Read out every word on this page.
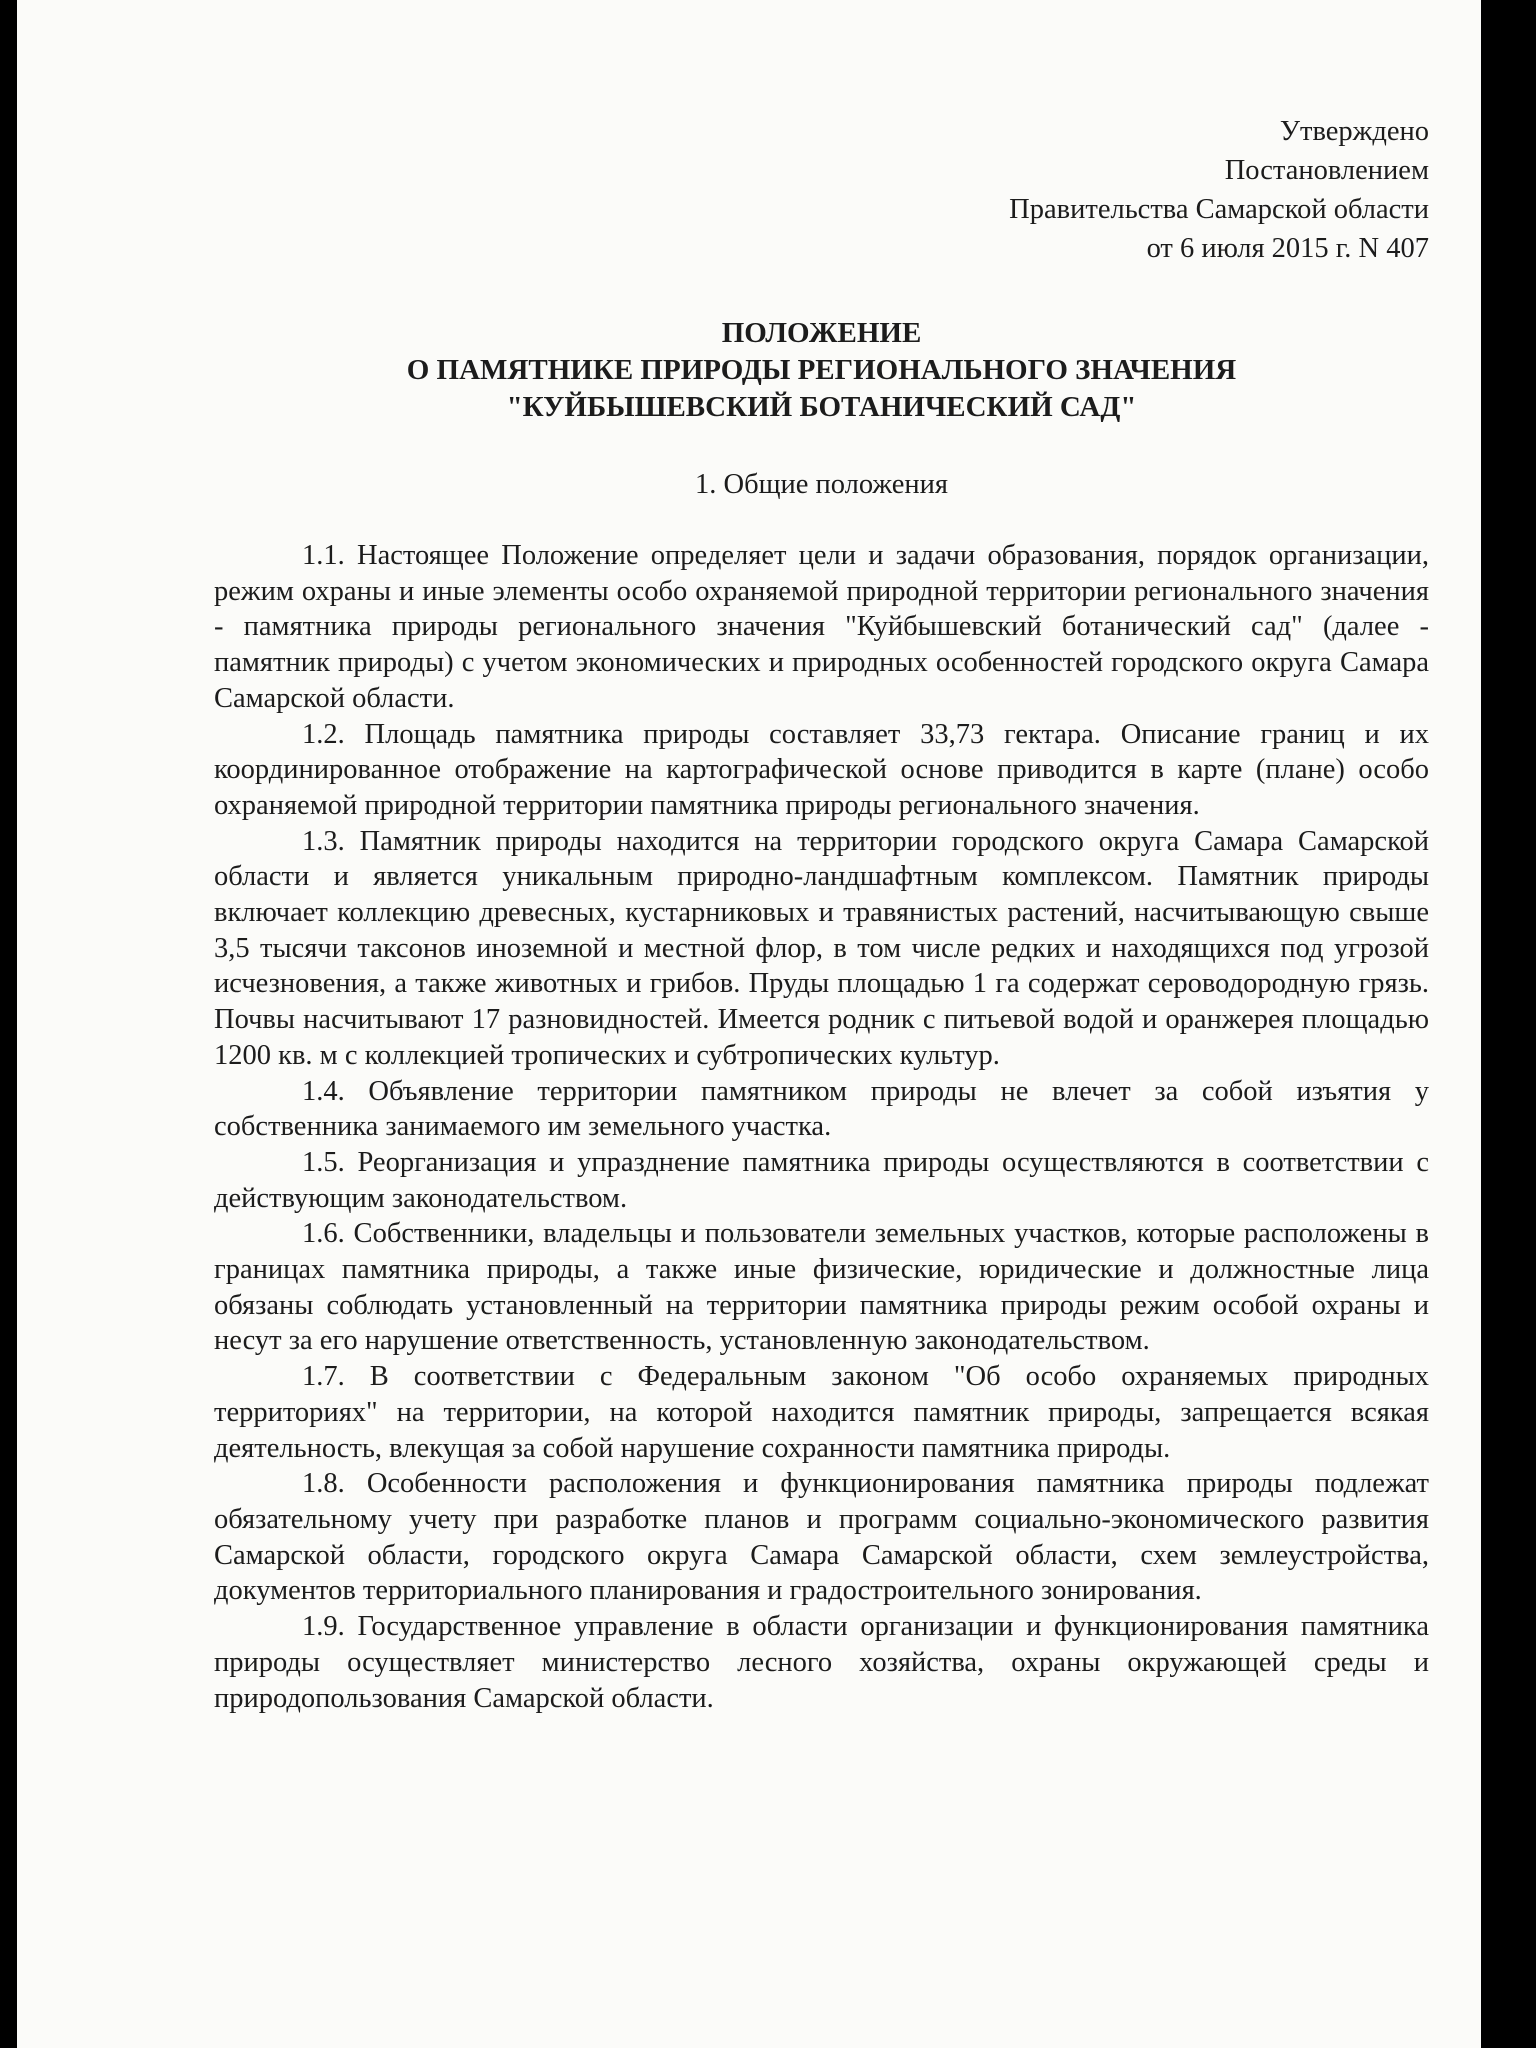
Утверждено
Постановлением
Правительства Самарской области
от 6 июля 2015 г. N 407
ПОЛОЖЕНИЕ
О ПАМЯТНИКЕ ПРИРОДЫ РЕГИОНАЛЬНОГО ЗНАЧЕНИЯ
"КУЙБЫШЕВСКИЙ БОТАНИЧЕСКИЙ САД"
1. Общие положения

1.1. Настоящее Положение определяет цели и задачи образования, порядок организации, режим охраны и иные элементы особо охраняемой природной территории регионального значения - памятника природы регионального значения "Куйбышевский ботанический сад" (далее - памятник природы) с учетом экономических и природных особенностей городского округа Самара Самарской области.

1.2. Площадь памятника природы составляет 33,73 гектара. Описание границ и их координированное отображение на картографической основе приводится в карте (плане) особо охраняемой природной территории памятника природы регионального значения.

1.3. Памятник природы находится на территории городского округа Самара Самарской области и является уникальным природно-ландшафтным комплексом. Памятник природы включает коллекцию древесных, кустарниковых и травянистых растений, насчитывающую свыше 3,5 тысячи таксонов иноземной и местной флор, в том числе редких и находящихся под угрозой исчезновения, а также животных и грибов. Пруды площадью 1 га содержат сероводородную грязь. Почвы насчитывают 17 разновидностей. Имеется родник с питьевой водой и оранжерея площадью 1200 кв. м с коллекцией тропических и субтропических культур.

1.4. Объявление территории памятником природы не влечет за собой изъятия у собственника занимаемого им земельного участка.

1.5. Реорганизация и упразднение памятника природы осуществляются в соответствии с действующим законодательством.

1.6. Собственники, владельцы и пользователи земельных участков, которые расположены в границах памятника природы, а также иные физические, юридические и должностные лица обязаны соблюдать установленный на территории памятника природы режим особой охраны и несут за его нарушение ответственность, установленную законодательством.

1.7. В соответствии с Федеральным законом "Об особо охраняемых природных территориях" на территории, на которой находится памятник природы, запрещается всякая деятельность, влекущая за собой нарушение сохранности памятника природы.

1.8. Особенности расположения и функционирования памятника природы подлежат обязательному учету при разработке планов и программ социально-экономического развития Самарской области, городского округа Самара Самарской области, схем землеустройства, документов территориального планирования и градостроительного зонирования.

1.9. Государственное управление в области организации и функционирования памятника природы осуществляет министерство лесного хозяйства, охраны окружающей среды и природопользования Самарской области.
